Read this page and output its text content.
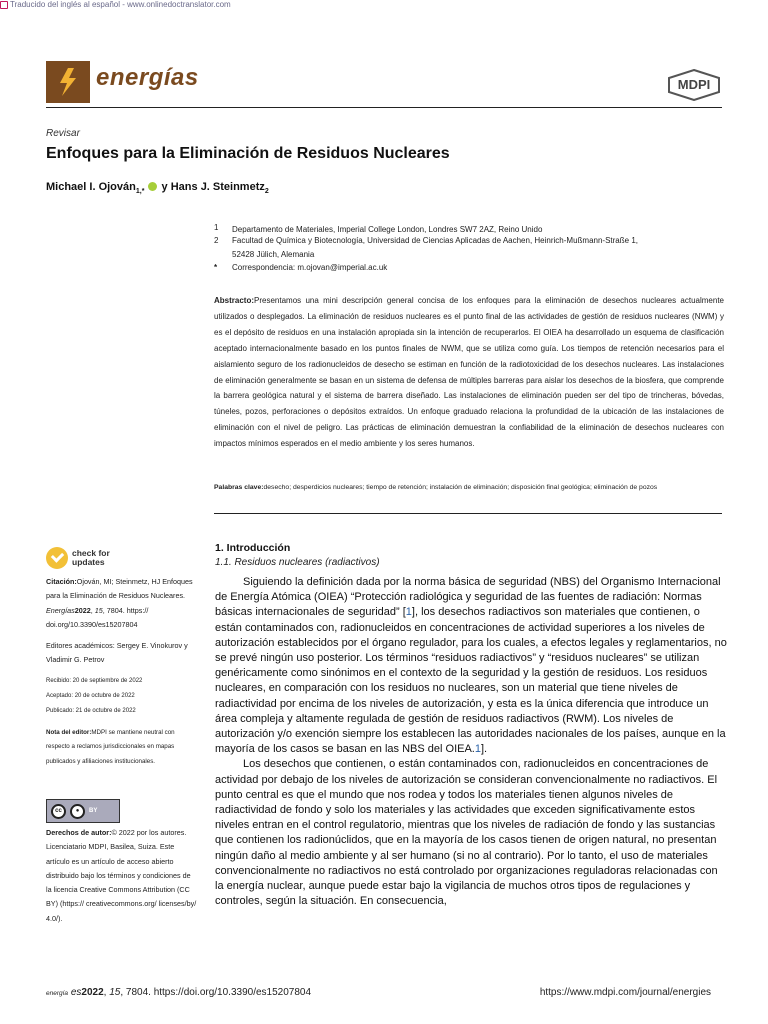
Traducido del inglés al español - www.onlinedoctranslator.com
energías	MDPI
Revisar
Enfoques para la Eliminación de Residuos Nucleares
Michael I. Ojován$_{1,*}$ y Hans J. Steinmetz$_2$
1	Departamento de Materiales, Imperial College London, Londres SW7 2AZ, Reino Unido
2	Facultad de Química y Biotecnología, Universidad de Ciencias Aplicadas de Aachen, Heinrich-Mußmann-Straße 1,
52428 Jülich, Alemania
*	Correspondencia: m.ojovan@imperial.ac.uk
Abstracto:Presentamos una mini descripción general concisa de los enfoques para la eliminación de desechos nucleares actualmente utilizados o desplegados. La eliminación de residuos nucleares es el punto final de las actividades de gestión de residuos nucleares (NWM) y es el depósito de residuos en una instalación apropiada sin la intención de recuperarlos. El OIEA ha desarrollado un esquema de clasificación aceptado internacionalmente basado en los puntos finales de NWM, que se utiliza como guía. Los tiempos de retención necesarios para el aislamiento seguro de los radionucleidos de desecho se estiman en función de la radiotoxicidad de los desechos nucleares. Las instalaciones de eliminación generalmente se basan en un sistema de defensa de múltiples barreras para aislar los desechos de la biosfera, que comprende la barrera geológica natural y el sistema de barrera diseñado. Las instalaciones de eliminación pueden ser del tipo de trincheras, bóvedas, túneles, pozos, perforaciones o depósitos extraídos. Un enfoque graduado relaciona la profundidad de la ubicación de las instalaciones de eliminación con el nivel de peligro. Las prácticas de eliminación demuestran la confiabilidad de la eliminación de desechos nucleares con impactos mínimos esperados en el medio ambiente y los seres humanos.
Palabras clave:desecho; desperdicios nucleares; tiempo de retención; instalación de eliminación; disposición final geológica; eliminación de pozos
check for
updates
Citación:Ojován, MI; Steinmetz, HJ Enfoques para la Eliminación de Residuos Nucleares. Energías2022, 15, 7804. https:// doi.org/10.3390/es15207804
Editores académicos: Sergey E. Vinokurov y Vladimir G. Petrov
Recibido: 20 de septiembre de 2022
Aceptado: 20 de octubre de 2022
Publicado: 21 de octubre de 2022
Nota del editor:MDPI se mantiene neutral con respecto a reclamos jurisdiccionales en mapas publicados y afiliaciones institucionales.
cc	●	BY
Derechos de autor:© 2022 por los autores. Licenciatario MDPI, Basilea, Suiza. Este artículo es un artículo de acceso abierto distribuido bajo los términos y condiciones de la licencia Creative Commons Attribution (CC BY) (https:// creativecommons.org/ licenses/by/ 4.0/).
1. Introducción
1.1. Residuos nucleares (radiactivos)

Siguiendo la definición dada por la norma básica de seguridad (NBS) del Organismo Internacional de Energía Atómica (OIEA) “Protección radiológica y seguridad de las fuentes de radiación: Normas básicas internacionales de seguridad” [1], los desechos radiactivos son materiales que contienen, o están contaminados con, radionucleidos en concentraciones de actividad superiores a los niveles de autorización establecidos por el órgano regulador, para los cuales, a efectos legales y reglamentarios, no se prevé ningún uso posterior. Los términos “residuos radiactivos” y “residuos nucleares” se utilizan genéricamente como sinónimos en el contexto de la seguridad y la gestión de residuos. Los residuos nucleares, en comparación con los residuos no nucleares, son un material que tiene niveles de radiactividad por encima de los niveles de autorización, y esta es la única diferencia que introduce un área compleja y altamente regulada de gestión de residuos radiactivos (RWM). Los niveles de autorización y/o exención siempre los establecen las autoridades nacionales de los países, aunque en la mayoría de los casos se basan en las NBS del OIEA.1].

Los desechos que contienen, o están contaminados con, radionucleidos en concentraciones de actividad por debajo de los niveles de autorización se consideran convencionalmente no radiactivos. El punto central es que el mundo que nos rodea y todos los materiales tienen algunos niveles de radiactividad de fondo y solo los materiales y las actividades que exceden significativamente estos niveles entran en el control regulatorio, mientras que los niveles de radiación de fondo y las sustancias que contienen los radionúclidos, que en la mayoría de los casos tienen de origen natural, no presentan ningún daño al medio ambiente y al ser humano (si no al contrario). Por lo tanto, el uso de materiales convencionalmente no radiactivos no está controlado por organizaciones reguladoras relacionadas con la energía nuclear, aunque puede estar bajo la vigilancia de muchos otros tipos de regulaciones y controles, según la situación. En consecuencia,

energía es2022, 15, 7804. https://doi.org/10.3390/es15207804	https://www.mdpi.com/journal/energies
